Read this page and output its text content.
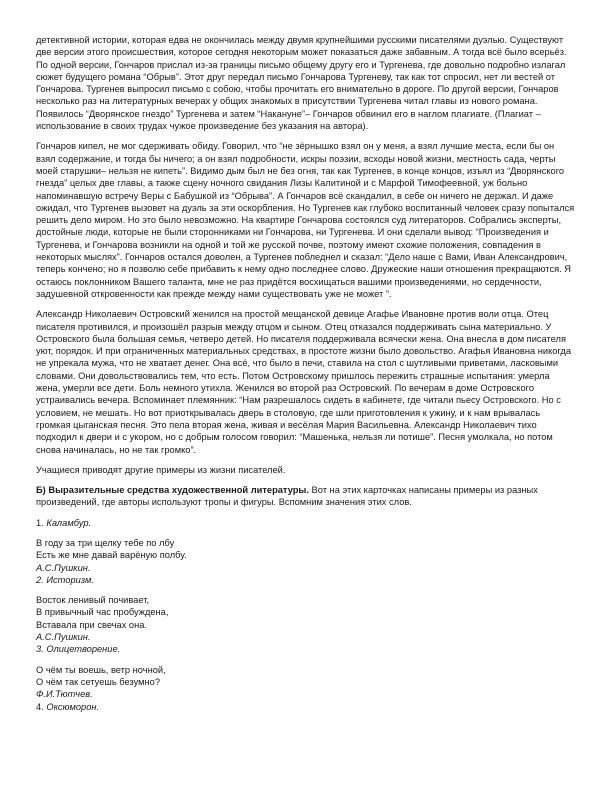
детективной истории, которая едва не окончилась между двумя крупнейшими русскими писателями дуэлью. Существуют две версии этого происшествия, которое сегодня некоторым может показаться даже забавным. А тогда всё было всерьёз. По одной версии, Гончаров прислал из-за границы письмо общему другу его и Тургенева, где довольно подробно излагал сюжет будущего романа “Обрыв”. Этот друг передал письмо Гончарова Тургеневу, так как тот спросил, нет ли вестей от Гончарова. Тургенев выпросил письмо с собою, чтобы прочитать его внимательно в дороге. По другой версии, Гончаров несколько раз на литературных вечерах у общих знакомых в присутствии Тургенева читал главы из нового романа. Появилось “Дворянское гнездо” Тургенева и затем “Накануне”– Гончаров обвинил его в наглом плагиате. (Плагиат – использование в своих трудах чужое произведение без указания на автора).

Гончаров кипел, не мог сдерживать обиду. Говорил, что “не зёрнышко взял он у меня, а взял лучшие места, если бы он взял содержание, и тогда бы ничего; а он взял подробности, искры поэзии, всходы новой жизни, местность сада, черты моей старушки– нельзя не кипеть”. Видимо дым был не без огня, так как Тургенев, в конце концов, изъял из “Дворянского гнезда” целых две главы, а также сцену ночного свидания Лизы Калитиной и с Марфой Тимофеевной, уж больно напоминавшую встречу Веры с Бабушкой из “Обрыва”. А Гончаров всё скандалил, в себе он ничего не держал. И даже ожидал, что Тургенев вызовет на дуэль за эти оскорбления. Но Тургенев как глубоко воспитанный человек сразу попытался решить дело миром. Но это было невозможно. На квартире Гончарова состоялся суд литераторов. Собрались эксперты, достойные люди, которые не были сторонниками ни Гончарова, ни Тургенева. И они сделали вывод: “Произведения и Тургенева, и Гончарова возникли на одной и той же русской почве, поэтому имеют схожие положения, совпадения в некоторых мыслях”. Гончаров остался доволен, а Тургенев побледнел и сказал: “Дело наше с Вами, Иван Александрович, теперь кончено; но я позволю себе прибавить к нему одно последнее слово. Дружеские наши отношения прекращаются. Я остаюсь поклонником Вашего таланта, мне не раз придётся восхищаться вашими произведениями, но сердечности, задушевной откровенности как прежде между нами существовать уже не может ”.

Александр Николаевич Островский женился на простой мещанской девице Агафье Ивановне против воли отца. Отец писателя противился, и произошёл разрыв между отцом и сыном. Отец отказался поддерживать сына материально. У Островского была большая семья, четверо детей. Но писателя поддерживала всячески жена. Она внесла в дом писателя уют, порядок. И при ограниченных материальных средствах, в простоте жизни было довольство. Агафья Ивановна никогда не упрекала мужа, что не хватает денег. Она всё, что было в печи, ставила на стол с шутливыми приветами, ласковыми словами. Они довольствовались тем, что есть. Потом Островскому пришлось пережить страшные испытания: умерла жена, умерли все дети. Боль немного утихла. Женился во второй раз Островский. По вечерам в доме Островского устраивались вечера. Вспоминает племянник: “Нам разрешалось сидеть в кабинете, где читали пьесу Островского. Но с условием, не мешать. Но вот приоткрывалась дверь в столовую, где шли приготовления к ужину, и к нам врывалась громкая цыганская песня. Это пела вторая жена, живая и весёлая Мария Васильевна. Александр Николаевич тихо подходил к двери и с укором, но с добрым голосом говорил: “Машенька, нельзя ли потише”. Песня умолкала, но потом снова начиналась, но не так громко”.

Учащиеся приводят другие примеры из жизни писателей.

Б) Выразительные средства художественной литературы. Вот на этих карточках написаны примеры из разных произведений, где авторы используют тропы и фигуры. Вспомним значения этих слов.

1. Каламбур.
В году за три щелку тебе по лбу
Есть же мне давай варёную полбу.
А.С.Пушкин.
2. Историзм.
Восток ленивый почивает,
В привычный час пробуждена,
Вставала при свечах она.
А.С.Пушкин.
3. Олицетворение.
О чём ты воешь, ветр ночной,
О чём так сетуешь безумно?
Ф.И.Тютчев.
4. Оксюморон.
